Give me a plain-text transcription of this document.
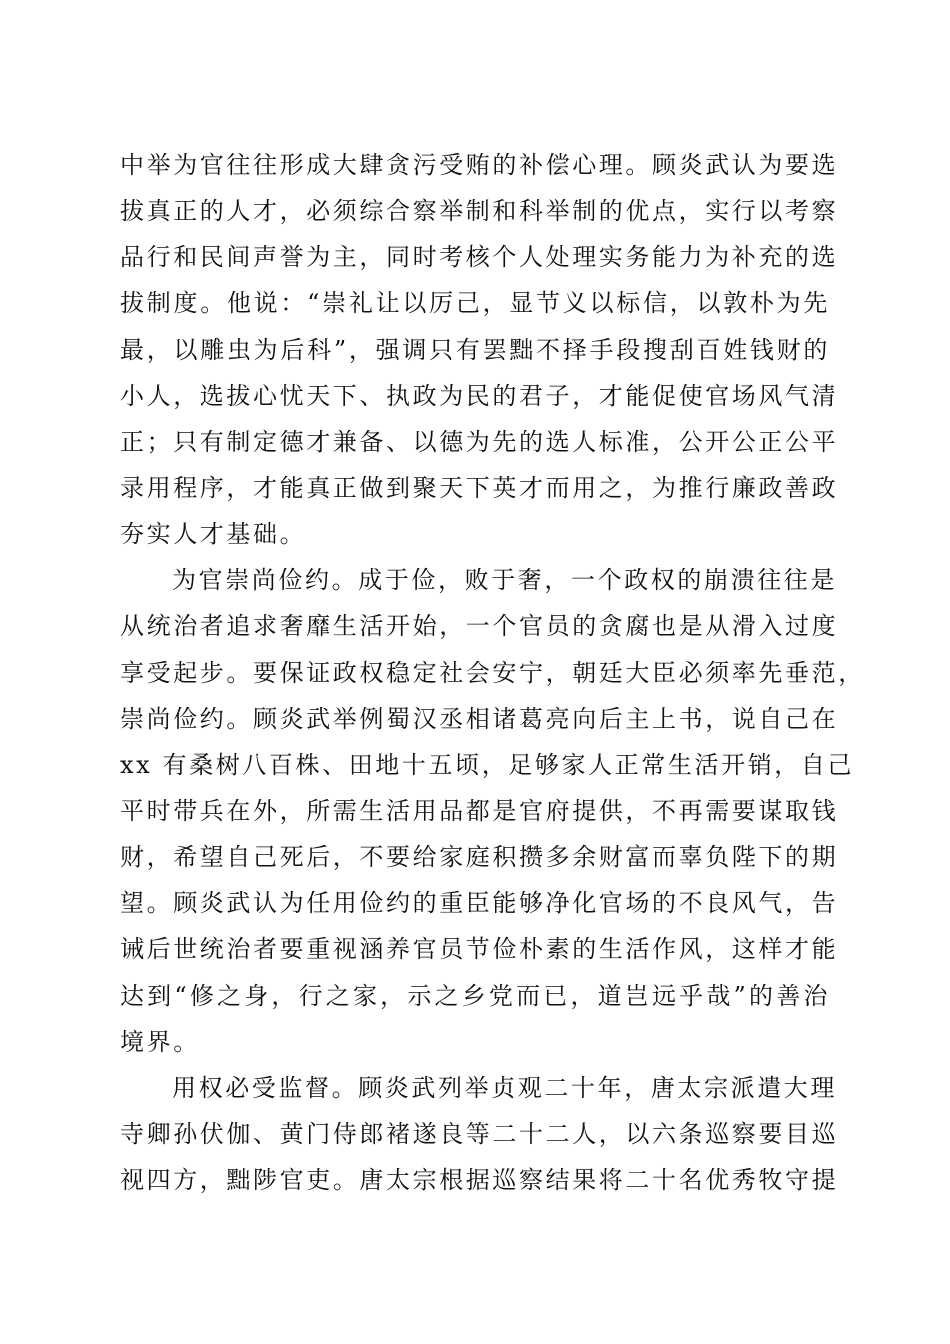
中举为官往往形成大肆贪污受贿的补偿心理。顾炎武认为要选
拔真正的人才，必须综合察举制和科举制的优点，实行以考察
品行和民间声誉为主，同时考核个人处理实务能力为补充的选
拔制度。他说：“崇礼让以厉己，显节义以标信，以敦朴为先
最，以雕虫为后科”，强调只有罢黜不择手段搜刮百姓钱财的
小人，选拔心忧天下、执政为民的君子，才能促使官场风气清
正；只有制定德才兼备、以德为先的选人标准，公开公正公平
录用程序，才能真正做到聚天下英才而用之，为推行廉政善政
夯实人才基础。
为官崇尚俭约。成于俭，败于奢，一个政权的崩溃往往是
从统治者追求奢靡生活开始，一个官员的贪腐也是从滑入过度
享受起步。要保证政权稳定社会安宁，朝廷大臣必须率先垂范，
崇尚俭约。顾炎武举例蜀汉丞相诸葛亮向后主上书，说自己在
xx 有桑树八百株、田地十五顷，足够家人正常生活开销，自己
平时带兵在外，所需生活用品都是官府提供，不再需要谋取钱
财，希望自己死后，不要给家庭积攒多余财富而辜负陛下的期
望。顾炎武认为任用俭约的重臣能够净化官场的不良风气，告
诫后世统治者要重视涵养官员节俭朴素的生活作风，这样才能
达到“修之身，行之家，示之乡党而已，道岂远乎哉”的善治
境界。
用权必受监督。顾炎武列举贞观二十年，唐太宗派遣大理
寺卿孙伏伽、黄门侍郎褚遂良等二十二人，以六条巡察要目巡
视四方，黜陟官吏。唐太宗根据巡察结果将二十名优秀牧守提
